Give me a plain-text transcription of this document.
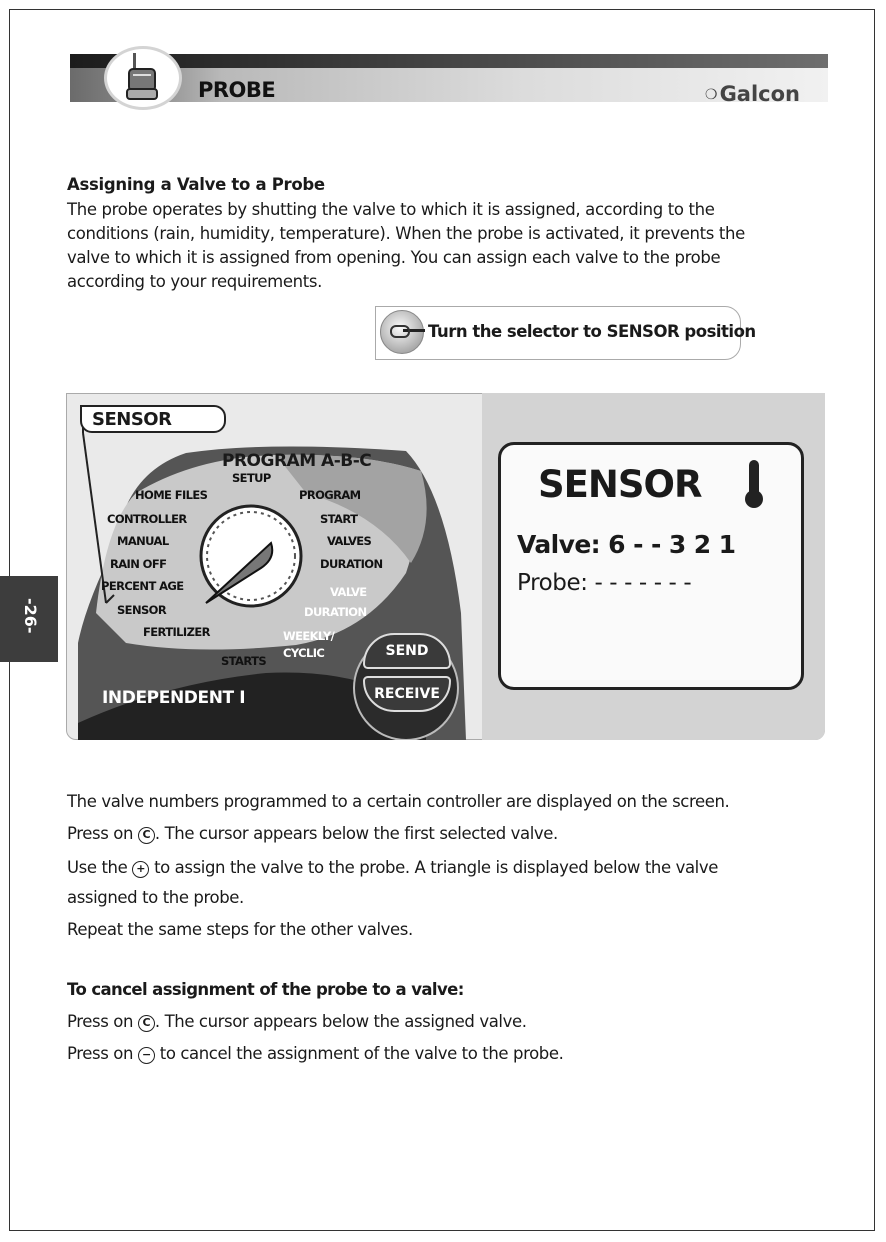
PROBE	❍Galcon
Assigning a Valve to a Probe
The probe operates by shutting the valve to which it is assigned, according to the
conditions (rain, humidity, temperature). When the probe is activated, it prevents the
valve to which it is assigned from opening. You can assign each valve to the probe
according to your requirements.
Turn the selector to SENSOR position
SENSOR
PROGRAM A-B-C
SETUP
HOME FILES
CONTROLLER
MANUAL
RAIN OFF
PERCENT AGE
SENSOR
FERTILIZER
STARTS
PROGRAM
START
VALVES
DURATION
VALVE
DURATION
WEEKLY/
CYCLIC
INDEPENDENT I
SEND
RECEIVE
SENSOR
Valve: 6 - - 3 2 1
Probe: - - - - - - -
-26-
The valve numbers programmed to a certain controller are displayed on the screen.
Press on C . The cursor appears below the first selected valve.
Use the + to assign the valve to the probe. A triangle is displayed below the valve
assigned to the probe.
Repeat the same steps for the other valves.
To cancel assignment of the probe to a valve:
Press on C . The cursor appears below the assigned valve.
Press on − to cancel the assignment of the valve to the probe.
